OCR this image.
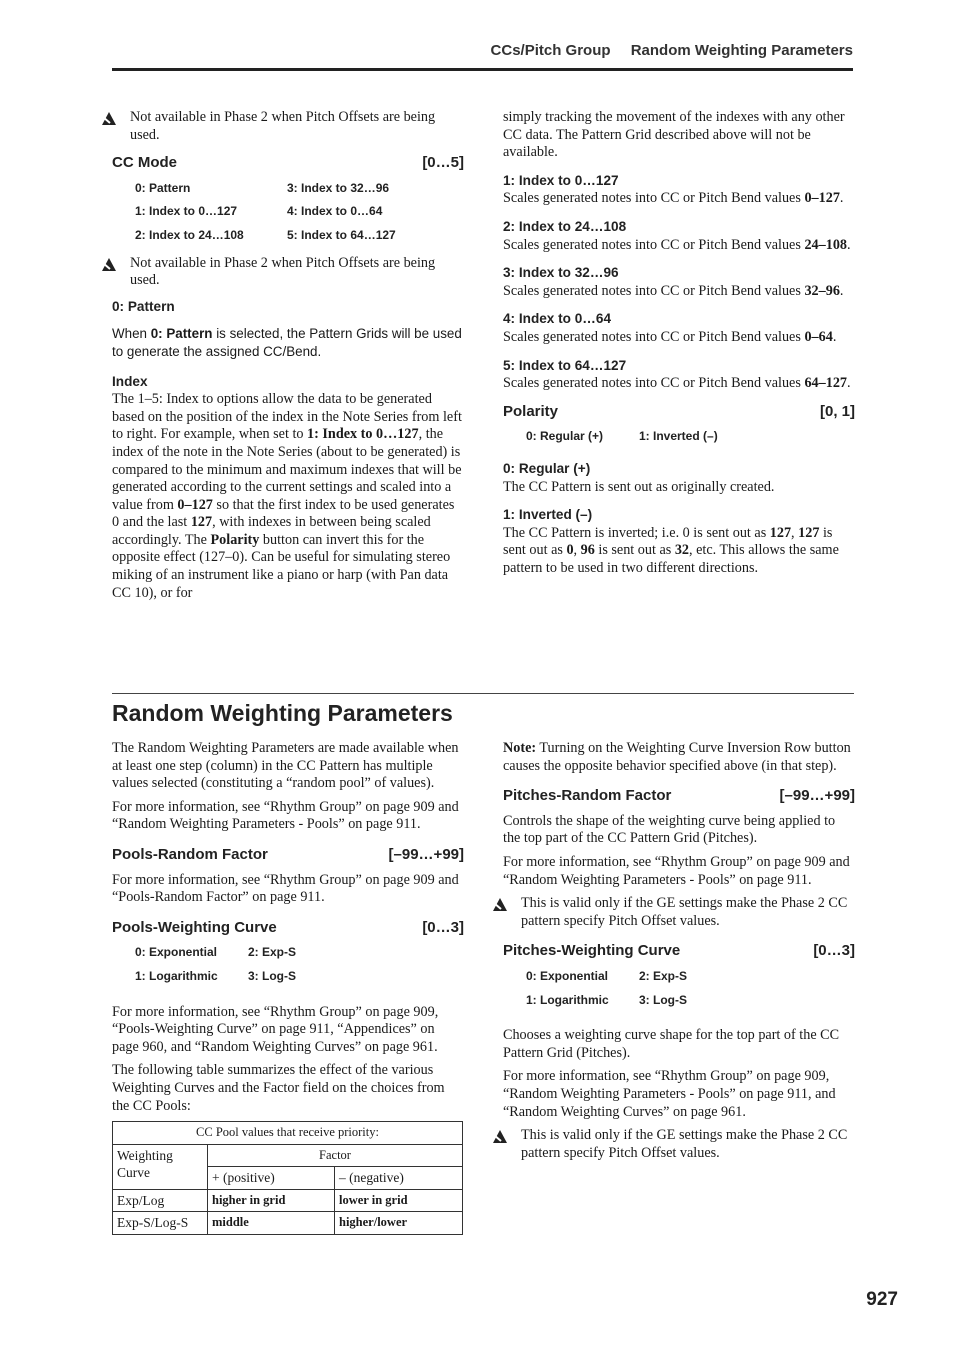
CCs/Pitch Group Random Weighting Parameters
Not available in Phase 2 when Pitch Offsets are being used.
CC Mode	[0…5]
0: Pattern	3: Index to 32…96
1: Index to 0…127	4: Index to 0…64
2: Index to 24…108	5: Index to 64…127
Not available in Phase 2 when Pitch Offsets are being used.
0: Pattern

When 0: Pattern is selected, the Pattern Grids will be used to generate the assigned CC/Bend.

Index

The 1–5: Index to options allow the data to be generated based on the position of the index in the Note Series from left to right. For example, when set to 1: Index to 0…127, the index of the note in the Note Series (about to be generated) is compared to the minimum and maximum indexes that will be generated according to the current settings and scaled into a value from 0–127 so that the first index to be used generates 0 and the last 127, with indexes in between being scaled accordingly. The Polarity button can invert this for the opposite effect (127–0). Can be useful for simulating stereo miking of an instrument like a piano or harp (with Pan data CC 10), or for

simply tracking the movement of the indexes with any other CC data. The Pattern Grid described above will not be available.

1: Index to 0…127

Scales generated notes into CC or Pitch Bend values 0–127.

2: Index to 24…108

Scales generated notes into CC or Pitch Bend values 24–108.

3: Index to 32…96

Scales generated notes into CC or Pitch Bend values 32–96.

4: Index to 0…64

Scales generated notes into CC or Pitch Bend values 0–64.

5: Index to 64…127

Scales generated notes into CC or Pitch Bend values 64–127.

Polarity	[0, 1]
0: Regular (+)	1: Inverted (–)
0: Regular (+)

The CC Pattern is sent out as originally created.

1: Inverted (–)

The CC Pattern is inverted; i.e. 0 is sent out as 127, 127 is sent out as 0, 96 is sent out as 32, etc. This allows the same pattern to be used in two different directions.

Random Weighting Parameters

The Random Weighting Parameters are made available when at least one step (column) in the CC Pattern has multiple values selected (constituting a “random pool” of values).

For more information, see “Rhythm Group” on page 909 and “Random Weighting Parameters - Pools” on page 911.

Pools-Random Factor	[–99…+99]

For more information, see “Rhythm Group” on page 909 and “Pools-Random Factor” on page 911.

Pools-Weighting Curve	[0…3]
0: Exponential	2: Exp-S
1: Logarithmic	3: Log-S

For more information, see “Rhythm Group” on page 909, “Pools-Weighting Curve” on page 911, “Appendices” on page 960, and “Random Weighting Curves” on page 961.

The following table summarizes the effect of the various Weighting Curves and the Factor field on the choices from the CC Pools:

CC Pool values that receive priority:		
Weighting Curve	Factor	
	+ (positive)	– (negative)
Exp/Log	higher in grid	lower in grid
Exp-S/Log-S	middle	higher/lower

Note: Turning on the Weighting Curve Inversion Row button causes the opposite behavior specified above (in that step).

Pitches-Random Factor	[–99…+99]

Controls the shape of the weighting curve being applied to the top part of the CC Pattern Grid (Pitches).

For more information, see “Rhythm Group” on page 909 and “Random Weighting Parameters - Pools” on page 911.

This is valid only if the GE settings make the Phase 2 CC pattern specify Pitch Offset values.
Pitches-Weighting Curve	[0…3]
0: Exponential	2: Exp-S
1: Logarithmic	3: Log-S

Chooses a weighting curve shape for the top part of the CC Pattern Grid (Pitches).

For more information, see “Rhythm Group” on page 909, “Random Weighting Parameters - Pools” on page 911, and “Random Weighting Curves” on page 961.

This is valid only if the GE settings make the Phase 2 CC pattern specify Pitch Offset values.
927
